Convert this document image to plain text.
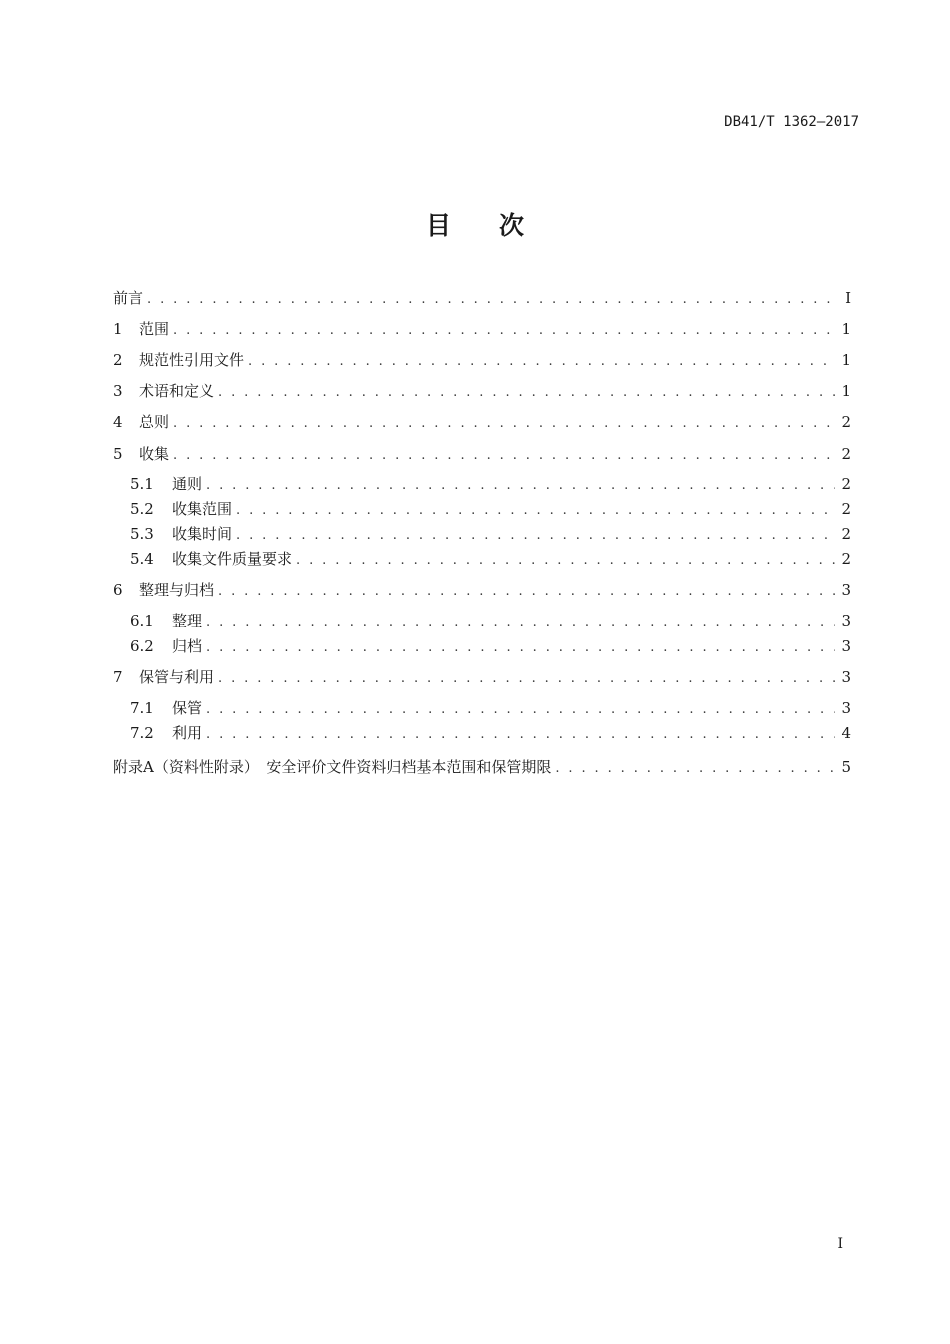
DB41/T 1362—2017
目 次
前言 . . .	I
1	范围 . . .	1
2	规范性引用文件 . . .	1
3	术语和定义 . . .	1
4	总则 . . .	2
5	收集 . . .	2
5.1	通则 . . .	2
5.2	收集范围 . . .	2
5.3	收集时间 . . .	2
5.4	收集文件质量要求 . . .	2
6	整理与归档 . . .	3
6.1	整理 . . .	3
6.2	归档 . . .	3
7	保管与利用 . . .	3
7.1	保管 . . .	3
7.2	利用 . . .	4
附录A（资料性附录）　安全评价文件资料归档基本范围和保管期限 . . .	5
I
